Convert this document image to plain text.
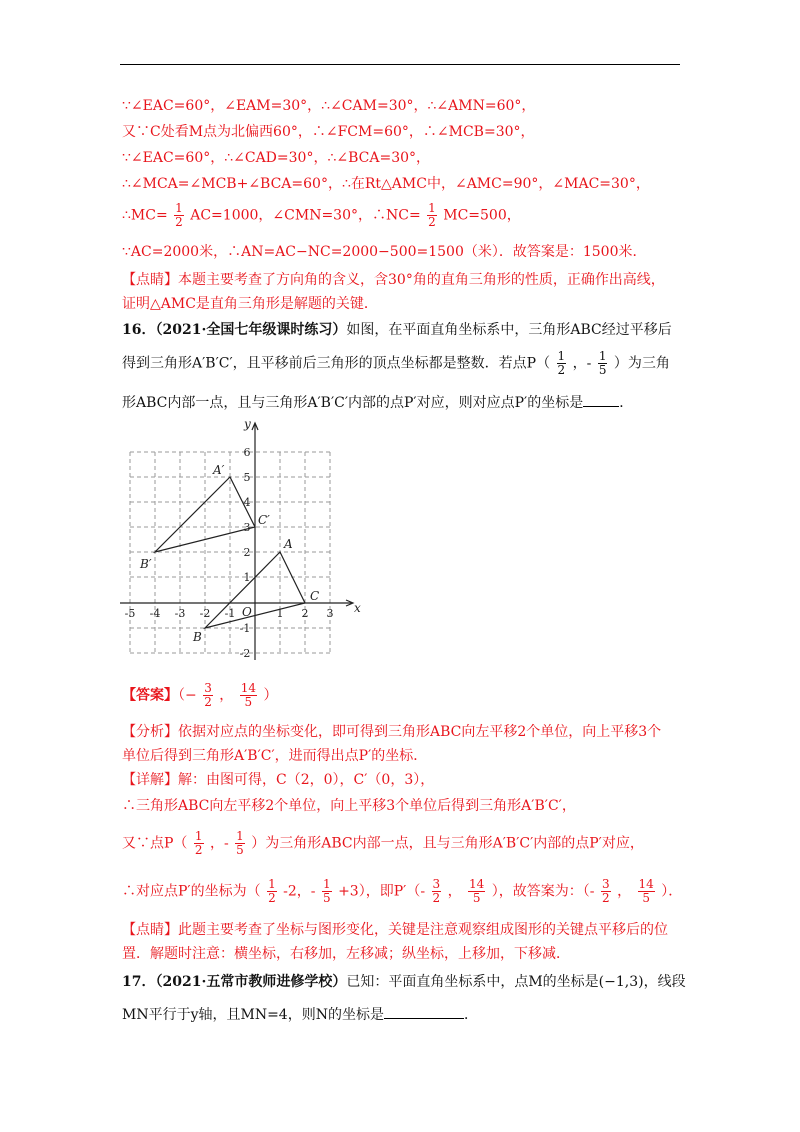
∵∠EAC=60°，∠EAM=30°，∴∠CAM=30°，∴∠AMN=60°，
又∵C处看M点为北偏西60°，∴∠FCM=60°，∴∠MCB=30°，
∵∠EAC=60°，∴∠CAD=30°，∴∠BCA=30°，
∴∠MCA=∠MCB+∠BCA=60°，∴在Rt△AMC中，∠AMC=90°，∠MAC=30°，
∴MC= $\frac{1}{2} AC=1000$，∠CMN=30°，∴NC= $\frac{1}{2} MC=500$，
∵AC=2000米，∴AN=AC−NC=2000−500=1500（米）．故答案是：1500米．
【点睛】本题主要考查了方向角的含义，含30°角的直角三角形的性质，正确作出高线，
证明△AMC是直角三角形是解题的关键．
16．（2021·全国七年级课时练习）如图，在平面直角坐标系中，三角形ABC经过平移后
得到三角形A′B′C′，且平移前后三角形的顶点坐标都是整数．若点$P( \frac{1}{2}$ ，- $\frac{1}{5}$ ）为三角
形ABC内部一点，且与三角形A′B′C′内部的点P′对应，则对应点P′的坐标是	．
-5 -4 -3 -2 -1	1 2 3
6
5
4
3
2
1
-1
-2
x
y
O
A
B
C
A′
B′
C′
【答案】（− $\frac{3}{2}$ ， $\frac{14}{5}$ ）
【分析】依据对应点的坐标变化，即可得到三角形ABC向左平移2个单位，向上平移3个
单位后得到三角形A′B′C′，进而得出点P′的坐标．
【详解】解：由图可得，C（2，0），C′（0，3），
∴三角形ABC向左平移2个单位，向上平移3个单位后得到三角形A′B′C′，
又∵点$P( \frac{1}{2}$ ，- $\frac{1}{5}$ ）为三角形ABC内部一点，且与三角形A′B′C′内部的点P′对应，
∴对应点P′的坐标为（ $\frac{1}{2} -2$，- $\frac{1}{5} +3$），即$P'(- \frac{3}{2}$ ， $\frac{14}{5}$ ），故答案为：（- $\frac{3}{2}$ ， $\frac{14}{5}$ ）．
【点睛】此题主要考查了坐标与图形变化，关键是注意观察组成图形的关键点平移后的位
置．解题时注意：横坐标，右移加，左移减；纵坐标，上移加，下移减．
17．（2021·五常市教师进修学校）已知：平面直角坐标系中，点M的坐标是(−1,3)，线段
MN平行于y轴，且MN=4，则N的坐标是	．
